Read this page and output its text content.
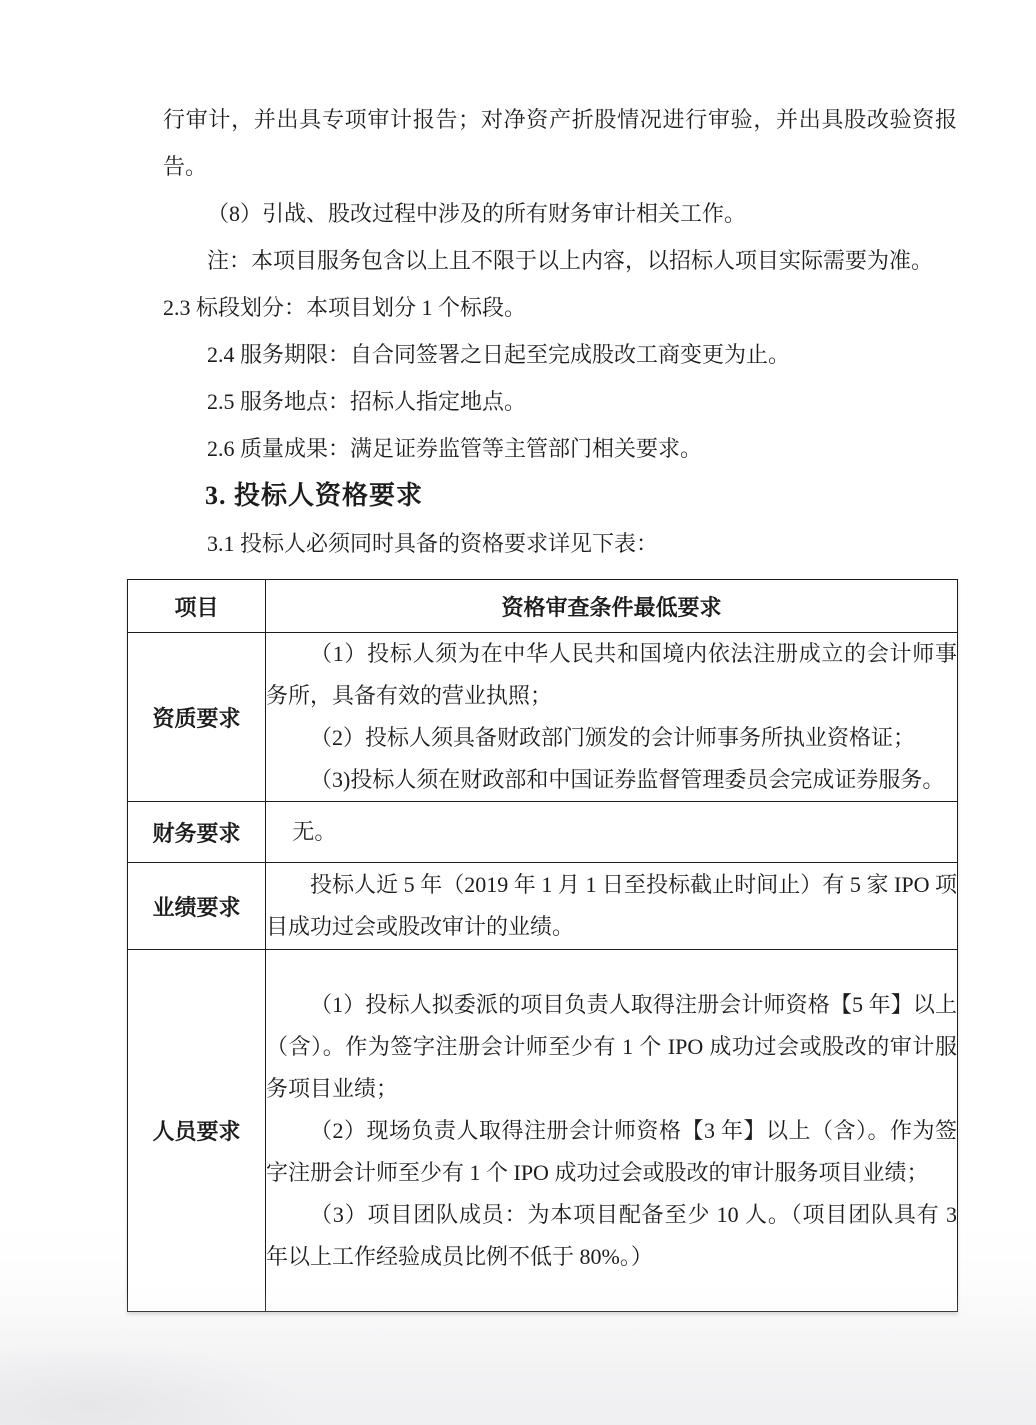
行审计，并出具专项审计报告；对净资产折股情况进行审验，并出具股改验资报告。

（8）引战、股改过程中涉及的所有财务审计相关工作。

注：本项目服务包含以上且不限于以上内容，以招标人项目实际需要为准。

2.3 标段划分：本项目划分 1 个标段。

2.4 服务期限：自合同签署之日起至完成股改工商变更为止。

2.5 服务地点：招标人指定地点。

2.6 质量成果：满足证券监管等主管部门相关要求。

3. 投标人资格要求

3.1 投标人必须同时具备的资格要求详见下表：

项目	资格审查条件最低要求
资质要求	（1）投标人须为在中华人民共和国境内依法注册成立的会计师事务所，具备有效的营业执照；

（2）投标人须具备财政部门颁发的会计师事务所执业资格证；

（3)投标人须在财政部和中国证券监督管理委员会完成证券服务。

财务要求	无。

业绩要求	投标人近 5 年（2019 年 1 月 1 日至投标截止时间止）有 5 家 IPO 项目成功过会或股改审计的业绩。

人员要求	（1）投标人拟委派的项目负责人取得注册会计师资格【5 年】以上（含）。作为签字注册会计师至少有 1 个 IPO 成功过会或股改的审计服务项目业绩；

（2）现场负责人取得注册会计师资格【3 年】以上（含）。作为签字注册会计师至少有 1 个 IPO 成功过会或股改的审计服务项目业绩；

（3）项目团队成员：为本项目配备至少 10 人。（项目团队具有 3 年以上工作经验成员比例不低于 80%。）
